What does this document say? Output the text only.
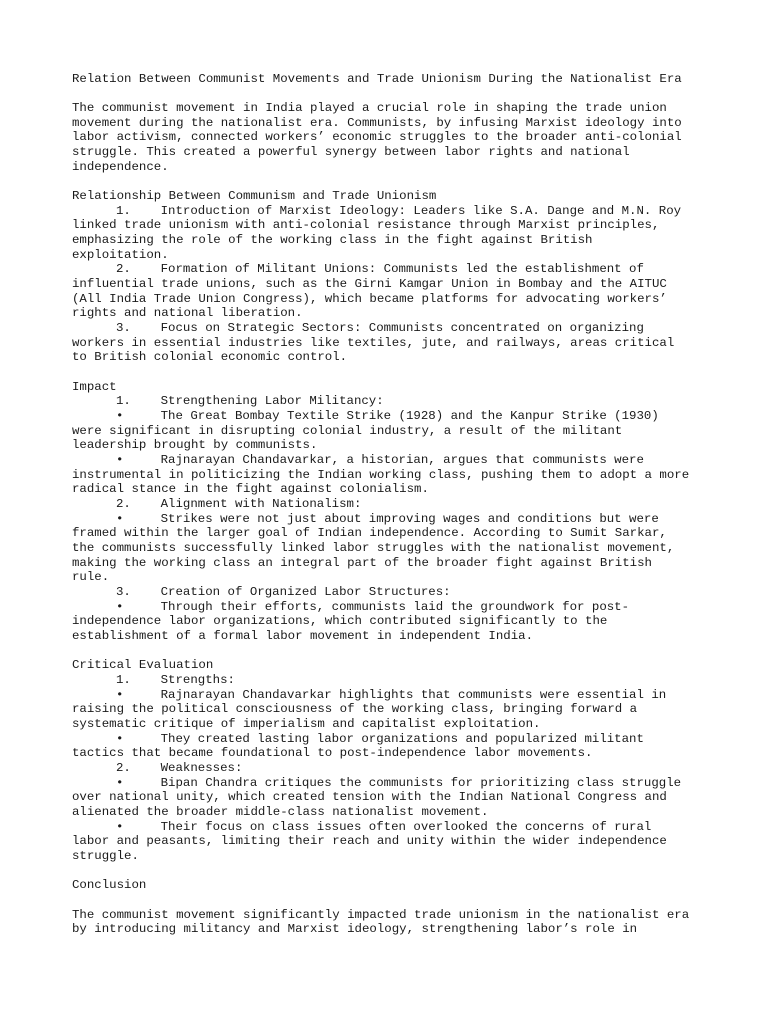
Relation Between Communist Movements and Trade Unionism During the Nationalist Era
The communist movement in India played a crucial role in shaping the trade union
movement during the nationalist era. Communists, by infusing Marxist ideology into
labor activism, connected workers’ economic struggles to the broader anti-colonial
struggle. This created a powerful synergy between labor rights and national
independence.
Relationship Between Communism and Trade Unionism
1.    Introduction of Marxist Ideology: Leaders like S.A. Dange and M.N. Roy
linked trade unionism with anti-colonial resistance through Marxist principles,
emphasizing the role of the working class in the fight against British
exploitation.
2.    Formation of Militant Unions: Communists led the establishment of
influential trade unions, such as the Girni Kamgar Union in Bombay and the AITUC
(All India Trade Union Congress), which became platforms for advocating workers’
rights and national liberation.
3.    Focus on Strategic Sectors: Communists concentrated on organizing
workers in essential industries like textiles, jute, and railways, areas critical
to British colonial economic control.
Impact
1.    Strengthening Labor Militancy:
•     The Great Bombay Textile Strike (1928) and the Kanpur Strike (1930)
were significant in disrupting colonial industry, a result of the militant
leadership brought by communists.
•     Rajnarayan Chandavarkar, a historian, argues that communists were
instrumental in politicizing the Indian working class, pushing them to adopt a more
radical stance in the fight against colonialism.
2.    Alignment with Nationalism:
•     Strikes were not just about improving wages and conditions but were
framed within the larger goal of Indian independence. According to Sumit Sarkar,
the communists successfully linked labor struggles with the nationalist movement,
making the working class an integral part of the broader fight against British
rule.
3.    Creation of Organized Labor Structures:
•     Through their efforts, communists laid the groundwork for post-
independence labor organizations, which contributed significantly to the
establishment of a formal labor movement in independent India.
Critical Evaluation
1.    Strengths:
•     Rajnarayan Chandavarkar highlights that communists were essential in
raising the political consciousness of the working class, bringing forward a
systematic critique of imperialism and capitalist exploitation.
•     They created lasting labor organizations and popularized militant
tactics that became foundational to post-independence labor movements.
2.    Weaknesses:
•     Bipan Chandra critiques the communists for prioritizing class struggle
over national unity, which created tension with the Indian National Congress and
alienated the broader middle-class nationalist movement.
•     Their focus on class issues often overlooked the concerns of rural
labor and peasants, limiting their reach and unity within the wider independence
struggle.
Conclusion
The communist movement significantly impacted trade unionism in the nationalist era
by introducing militancy and Marxist ideology, strengthening labor’s role in
